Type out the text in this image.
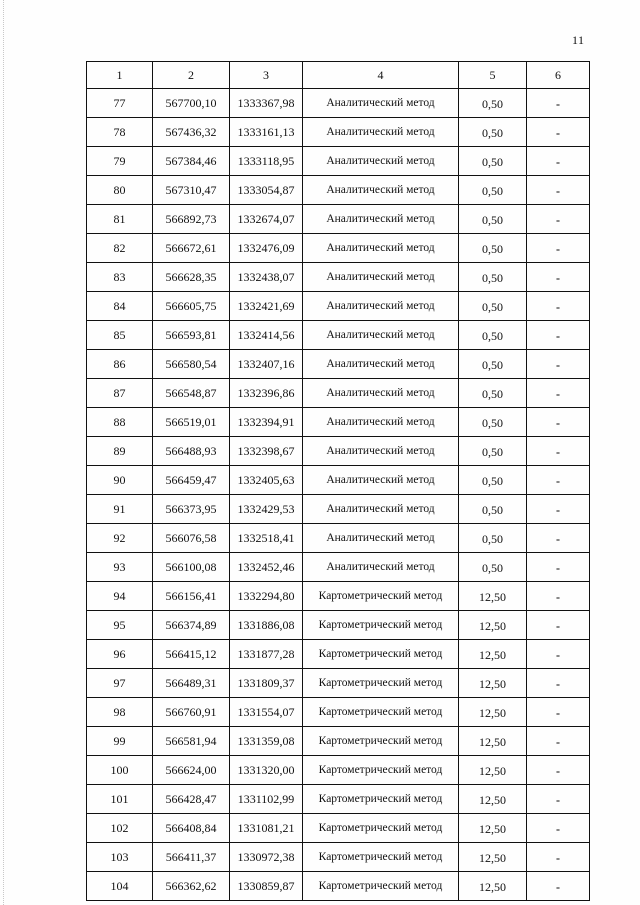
11
1	2	3	4	5	6
77	567700,10	1333367,98	Аналитический метод	0,50	-
78	567436,32	1333161,13	Аналитический метод	0,50	-
79	567384,46	1333118,95	Аналитический метод	0,50	-
80	567310,47	1333054,87	Аналитический метод	0,50	-
81	566892,73	1332674,07	Аналитический метод	0,50	-
82	566672,61	1332476,09	Аналитический метод	0,50	-
83	566628,35	1332438,07	Аналитический метод	0,50	-
84	566605,75	1332421,69	Аналитический метод	0,50	-
85	566593,81	1332414,56	Аналитический метод	0,50	-
86	566580,54	1332407,16	Аналитический метод	0,50	-
87	566548,87	1332396,86	Аналитический метод	0,50	-
88	566519,01	1332394,91	Аналитический метод	0,50	-
89	566488,93	1332398,67	Аналитический метод	0,50	-
90	566459,47	1332405,63	Аналитический метод	0,50	-
91	566373,95	1332429,53	Аналитический метод	0,50	-
92	566076,58	1332518,41	Аналитический метод	0,50	-
93	566100,08	1332452,46	Аналитический метод	0,50	-
94	566156,41	1332294,80	Картометрический метод	12,50	-
95	566374,89	1331886,08	Картометрический метод	12,50	-
96	566415,12	1331877,28	Картометрический метод	12,50	-
97	566489,31	1331809,37	Картометрический метод	12,50	-
98	566760,91	1331554,07	Картометрический метод	12,50	-
99	566581,94	1331359,08	Картометрический метод	12,50	-
100	566624,00	1331320,00	Картометрический метод	12,50	-
101	566428,47	1331102,99	Картометрический метод	12,50	-
102	566408,84	1331081,21	Картометрический метод	12,50	-
103	566411,37	1330972,38	Картометрический метод	12,50	-
104	566362,62	1330859,87	Картометрический метод	12,50	-
